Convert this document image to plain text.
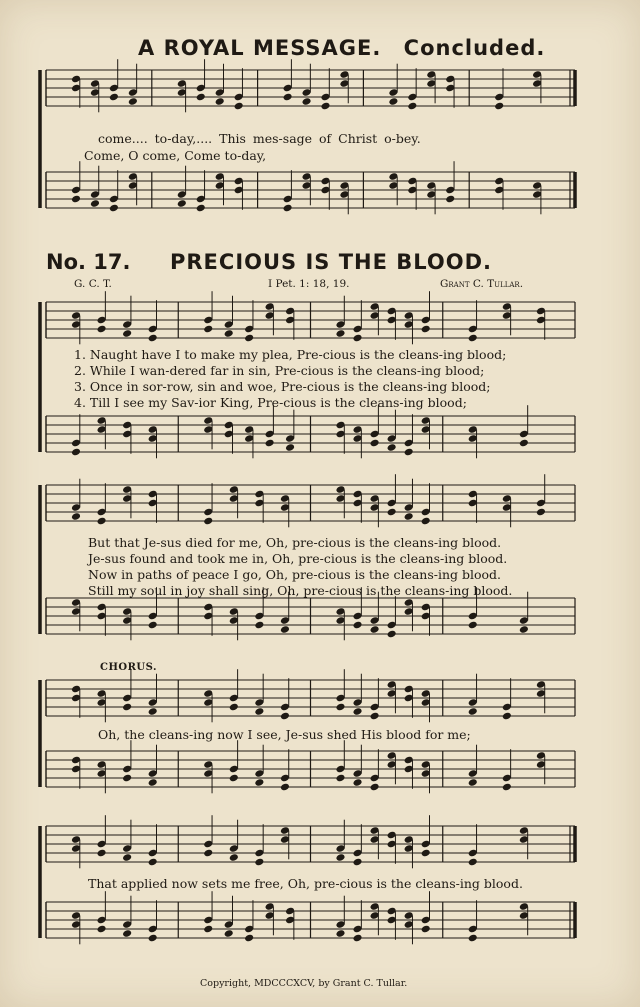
A ROYAL MESSAGE. Concluded.
come.... to-day,.... This mes-sage of Christ o-bey.
Come, O come, Come to-day,
No. 17. PRECIOUS IS THE BLOOD.
G. C. T.	I Pet. 1: 18, 19.	Grant C. Tullar.
1. Naught have I to make my plea, Pre-cious is the cleans-ing blood;
2. While I wan-dered far in sin, Pre-cious is the cleans-ing blood;
3. Once in sor-row, sin and woe, Pre-cious is the cleans-ing blood;
4. Till I see my Sav-ior King, Pre-cious is the cleans-ing blood;
But that Je-sus died for me, Oh, pre-cious is the cleans-ing blood.
Je-sus found and took me in, Oh, pre-cious is the cleans-ing blood.
Now in paths of peace I go, Oh, pre-cious is the cleans-ing blood.
Still my soul in joy shall sing, Oh, pre-cious is the cleans-ing blood.
CHORUS.
Oh, the cleans-ing now I see, Je-sus shed His blood for me;
That applied now sets me free, Oh, pre-cious is the cleans-ing blood.
Copyright, MDCCCXCV, by Grant C. Tullar.
